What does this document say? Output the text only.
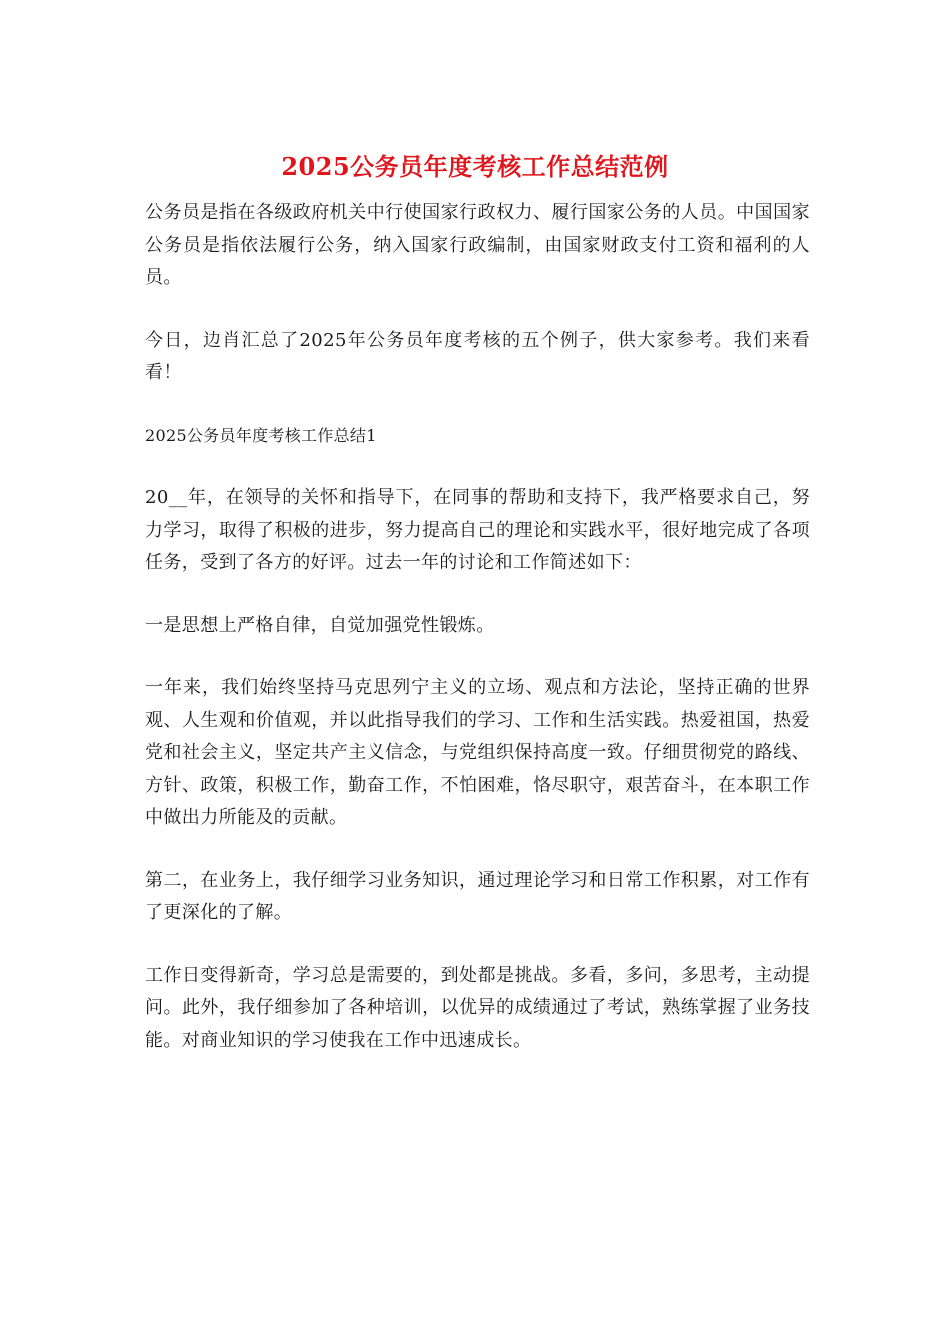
2025公务员年度考核工作总结范例

公务员是指在各级政府机关中行使国家行政权力、履行国家公务的人员。中国国家公务员是指依法履行公务，纳入国家行政编制，由国家财政支付工资和福利的人员。

今日，边肖汇总了2025年公务员年度考核的五个例子，供大家参考。我们来看看！

2025公务员年度考核工作总结1

20__年，在领导的关怀和指导下，在同事的帮助和支持下，我严格要求自己，努力学习，取得了积极的进步，努力提高自己的理论和实践水平，很好地完成了各项任务，受到了各方的好评。过去一年的讨论和工作简述如下：

一是思想上严格自律，自觉加强党性锻炼。

一年来，我们始终坚持马克思列宁主义的立场、观点和方法论，坚持正确的世界观、人生观和价值观，并以此指导我们的学习、工作和生活实践。热爱祖国，热爱党和社会主义，坚定共产主义信念，与党组织保持高度一致。仔细贯彻党的路线、方针、政策，积极工作，勤奋工作，不怕困难，恪尽职守，艰苦奋斗，在本职工作中做出力所能及的贡献。

第二，在业务上，我仔细学习业务知识，通过理论学习和日常工作积累，对工作有了更深化的了解。

工作日变得新奇，学习总是需要的，到处都是挑战。多看，多问，多思考，主动提问。此外，我仔细参加了各种培训，以优异的成绩通过了考试，熟练掌握了业务技能。对商业知识的学习使我在工作中迅速成长。
